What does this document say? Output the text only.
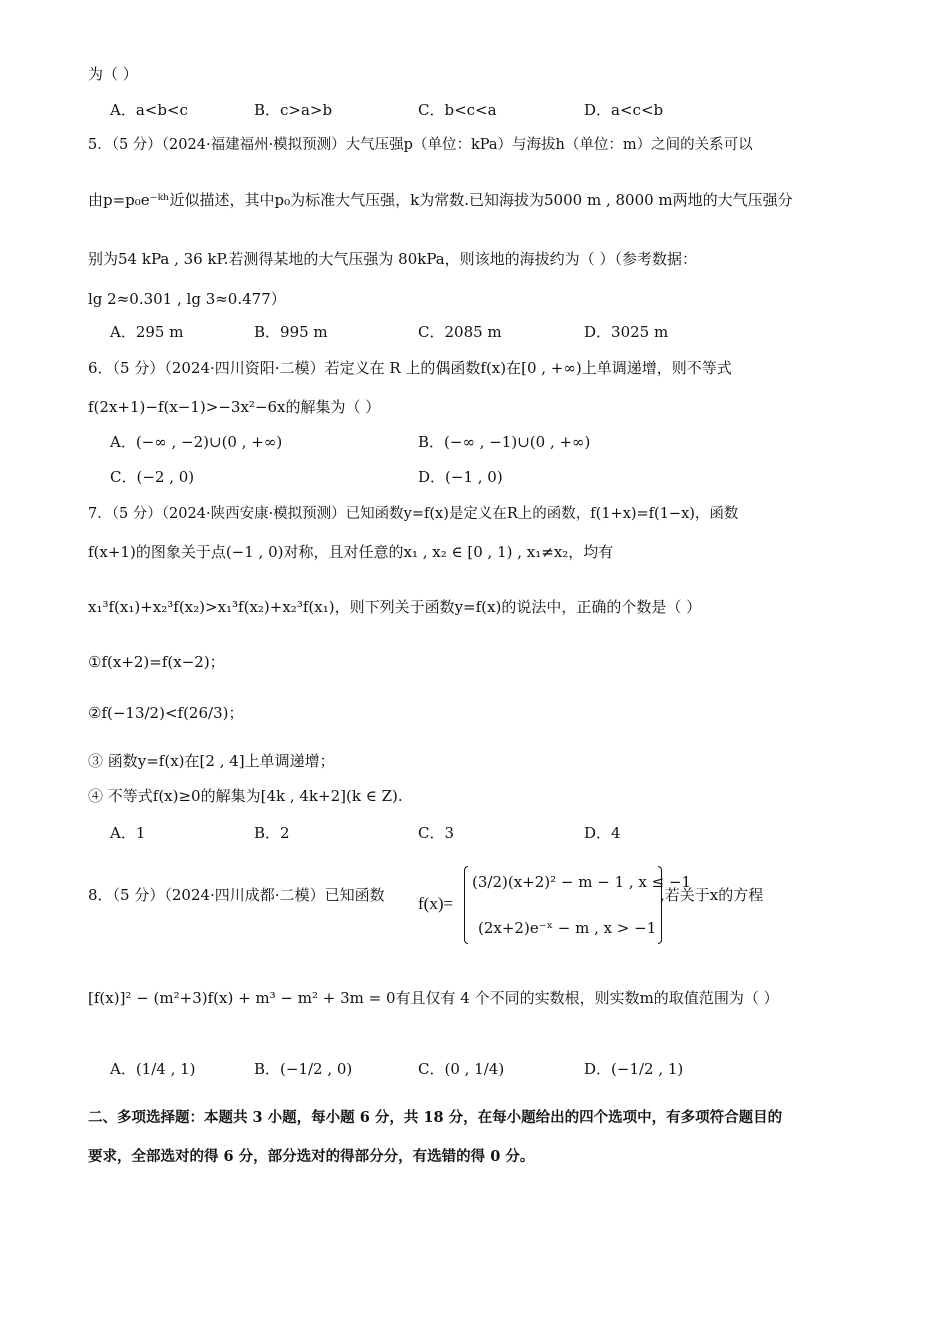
为（ ）
A．a<b<c	B．c>a>b	C．b<c<a	D．a<c<b
5．（5 分）（2024·福建福州·模拟预测）大气压强p（单位：kPa）与海拔h（单位：m）之间的关系可以
由p=p₀e⁻ᵏʰ近似描述，其中p₀为标准大气压强，k为常数.已知海拔为5000 m , 8000 m两地的大气压强分
别为54 kPa , 36 kP.若测得某地的大气压强为 80kPa，则该地的海拔约为（ ）（参考数据：
lg 2≈0.301 , lg 3≈0.477）
A．295 m	B．995 m	C．2085 m	D．3025 m
6．（5 分）（2024·四川资阳·二模）若定义在 R 上的偶函数f(x)在[0 , +∞)上单调递增，则不等式
f(2x+1)−f(x−1)>−3x²−6x的解集为（ ）
A．(−∞ , −2)∪(0 , +∞)	B．(−∞ , −1)∪(0 , +∞)
C．(−2 , 0)	D．(−1 , 0)
7．（5 分）（2024·陕西安康·模拟预测）已知函数y=f(x)是定义在R上的函数，f(1+x)=f(1−x)，函数
f(x+1)的图象关于点(−1 , 0)对称，且对任意的x₁ , x₂ ∈ [0 , 1) , x₁≠x₂，均有
x₁³f(x₁)+x₂³f(x₂)>x₁³f(x₂)+x₂³f(x₁)，则下列关于函数y=f(x)的说法中，正确的个数是（ ）
①f(x+2)=f(x−2)；
②f(−13/2)<f(26/3)；
③ 函数y=f(x)在[2 , 4]上单调递增；
④ 不等式f(x)≥0的解集为[4k , 4k+2](k ∈ Z).
A．1	B．2	C．3	D．4
8．（5 分）（2024·四川成都·二模）已知函数 f(x)=
(3/2)(x+2)² − m − 1 , x ≤ −1
(2x+2)e⁻ˣ − m , x > −1
,若关于x的方程
[f(x)]² − (m²+3)f(x) + m³ − m² + 3m = 0有且仅有 4 个不同的实数根，则实数m的取值范围为（ ）
A．(1/4 , 1)	B．(−1/2 , 0)	C．(0 , 1/4)	D．(−1/2 , 1)
二、多项选择题：本题共 3 小题，每小题 6 分，共 18 分，在每小题给出的四个选项中，有多项符合题目的
要求，全部选对的得 6 分，部分选对的得部分分，有选错的得 0 分。
